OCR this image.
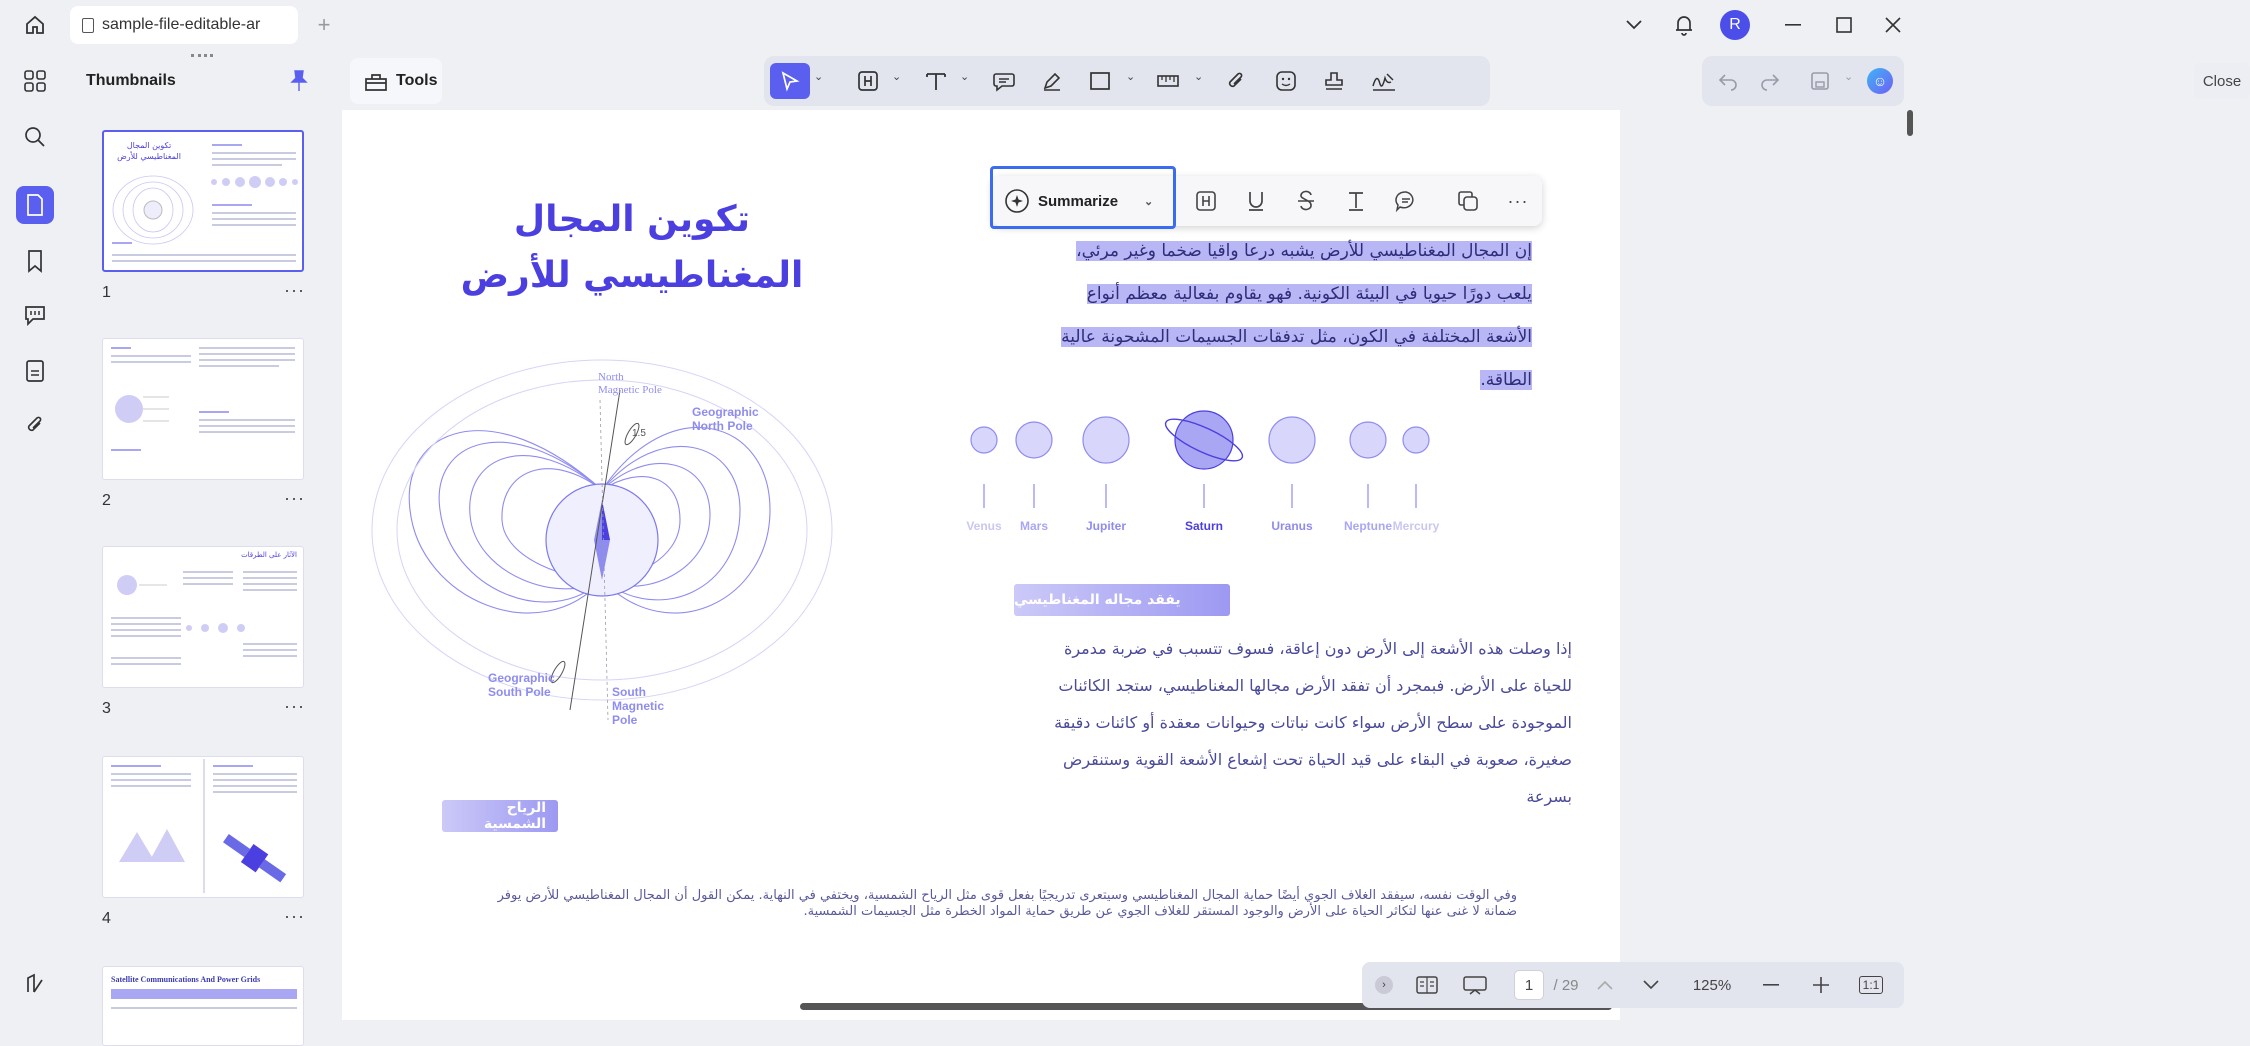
sample-file-editable-ar	+	R
Thumbnails
تكوين المجال المغناطيسي للأرض
1	···
2	···
الآثار على الطرقات
3	···
4	···
Satellite Communications And Power Grids
Tools	⌄	⌄	⌄	⌄	⌄	Close
⌄	☺
تكوين المجال
المغناطيسي للأرض
إن المجال المغناطيسي للأرض يشبه درعا واقيا ضخما وغير مرئي،
يلعب دورًا حيويا في البيئة الكونية. فهو يقاوم بفعالية معظم أنواع
الأشعة المختلفة في الكون، مثل تدفقات الجسيمات المشحونة عالية
الطاقة.
North Magnetic Pole
1.5
Geographic North Pole
Geographic South Pole	South Magnetic Pole
Venus Mars	Jupiter	Saturn	Uranus	Neptune Mercury
يفقد مجاله المغناطيسي
إذا وصلت هذه الأشعة إلى الأرض دون إعاقة، فسوف تتسبب في ضربة مدمرة
للحياة على الأرض. فبمجرد أن تفقد الأرض مجالها المغناطيسي، ستجد الكائنات
الموجودة على سطح الأرض سواء كانت نباتات وحيوانات معقدة أو كائنات دقيقة
صغيرة، صعوبة في البقاء على قيد الحياة تحت إشعاع الأشعة القوية وستنقرض
بسرعة
الرياح الشمسية
وفي الوقت نفسه، سيفقد الغلاف الجوي أيضًا حماية المجال المغناطيسي وسيتعرى تدريجيًا بفعل قوى مثل الرياح الشمسية، ويختفي في النهاية. يمكن القول أن المجال المغناطيسي للأرض يوفر
ضمانة لا غنى عنها لتكاثر الحياة على الأرض والوجود المستقر للغلاف الجوي عن طريق حماية المواد الخطرة مثل الجسيمات الشمسية.
Summarize ⌄	···
›	1	/ 29	125%	1:1
